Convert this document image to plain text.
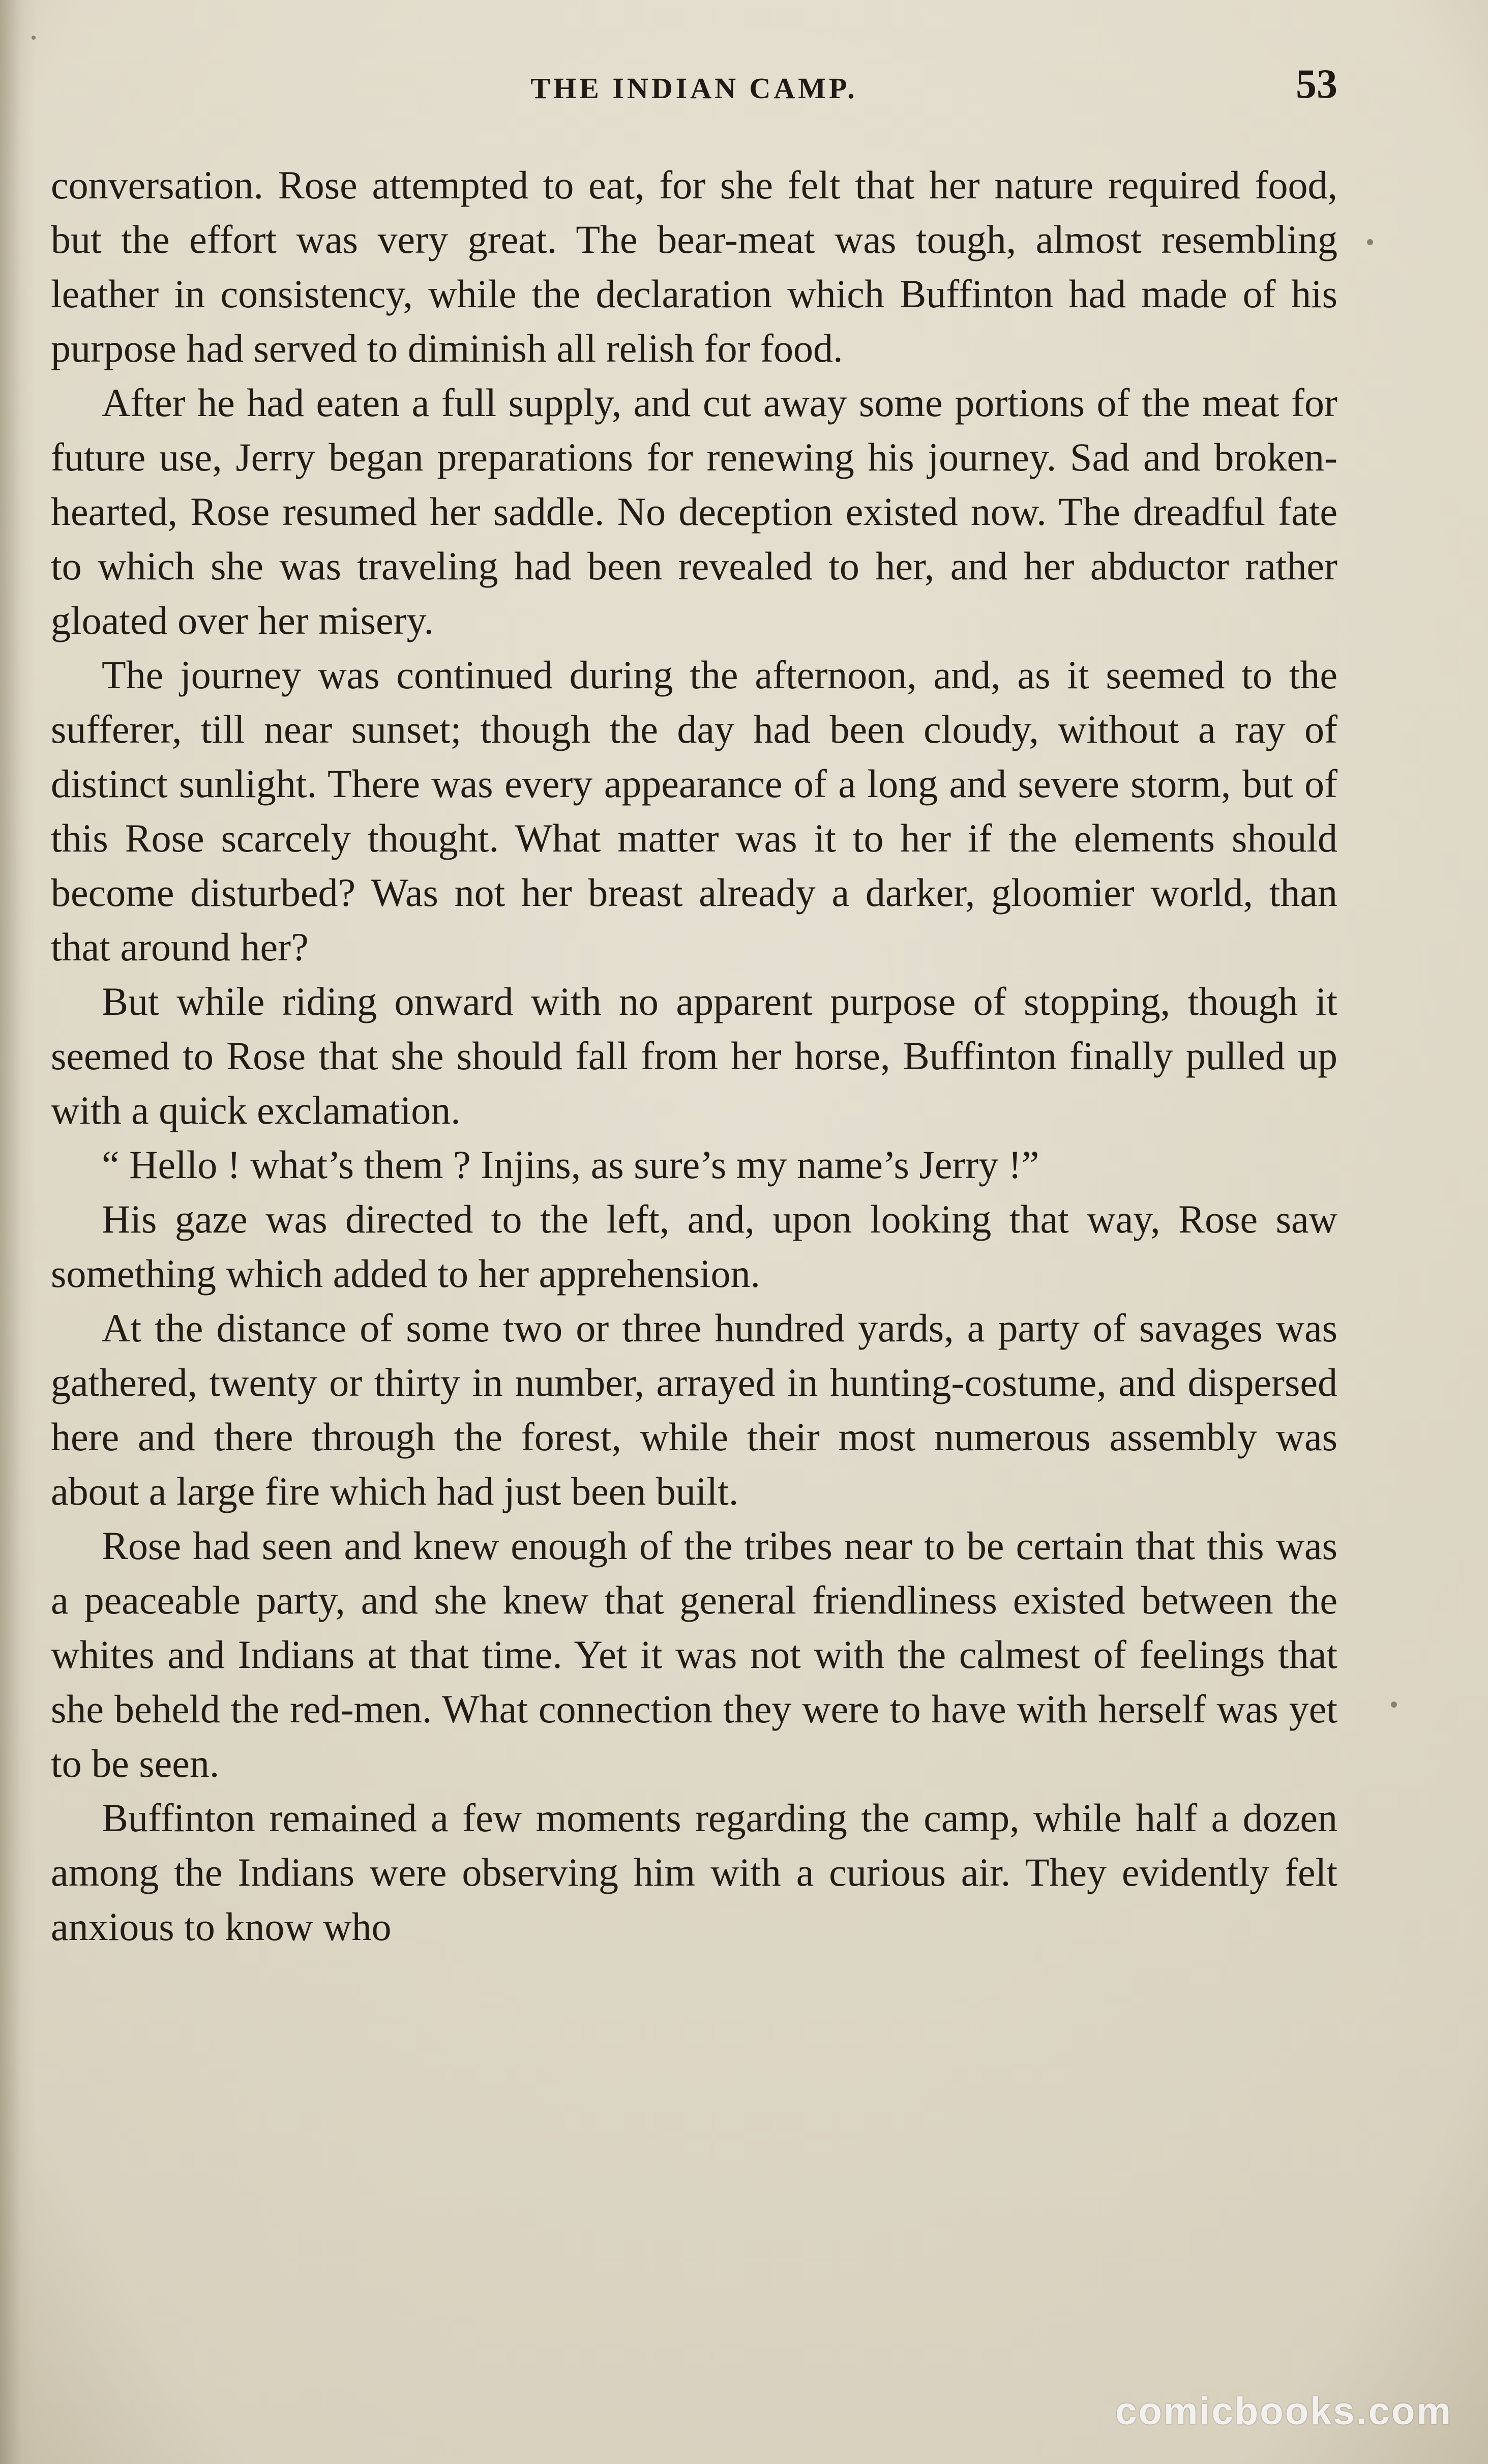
THE INDIAN CAMP.	53

conversation. Rose attempted to eat, for she felt that her nature required food, but the effort was very great. The bear-meat was tough, almost resembling leather in consistency, while the declaration which Buffinton had made of his purpose had served to diminish all relish for food.

After he had eaten a full supply, and cut away some portions of the meat for future use, Jerry began preparations for renewing his journey. Sad and broken-hearted, Rose resumed her saddle. No deception existed now. The dreadful fate to which she was traveling had been revealed to her, and her abductor rather gloated over her misery.

The journey was continued during the afternoon, and, as it seemed to the sufferer, till near sunset; though the day had been cloudy, without a ray of distinct sunlight. There was every appearance of a long and severe storm, but of this Rose scarcely thought. What matter was it to her if the elements should become disturbed? Was not her breast already a darker, gloomier world, than that around her?

But while riding onward with no apparent purpose of stopping, though it seemed to Rose that she should fall from her horse, Buffinton finally pulled up with a quick exclamation.

“ Hello ! what’s them ? Injins, as sure’s my name’s Jerry !”

His gaze was directed to the left, and, upon looking that way, Rose saw something which added to her apprehension.

At the distance of some two or three hundred yards, a party of savages was gathered, twenty or thirty in number, arrayed in hunting-costume, and dispersed here and there through the forest, while their most numerous assembly was about a large fire which had just been built.

Rose had seen and knew enough of the tribes near to be certain that this was a peaceable party, and she knew that general friendliness existed between the whites and Indians at that time. Yet it was not with the calmest of feelings that she beheld the red-men. What connection they were to have with herself was yet to be seen.

Buffinton remained a few moments regarding the camp, while half a dozen among the Indians were observing him with a curious air. They evidently felt anxious to know who

comicbooks.com
